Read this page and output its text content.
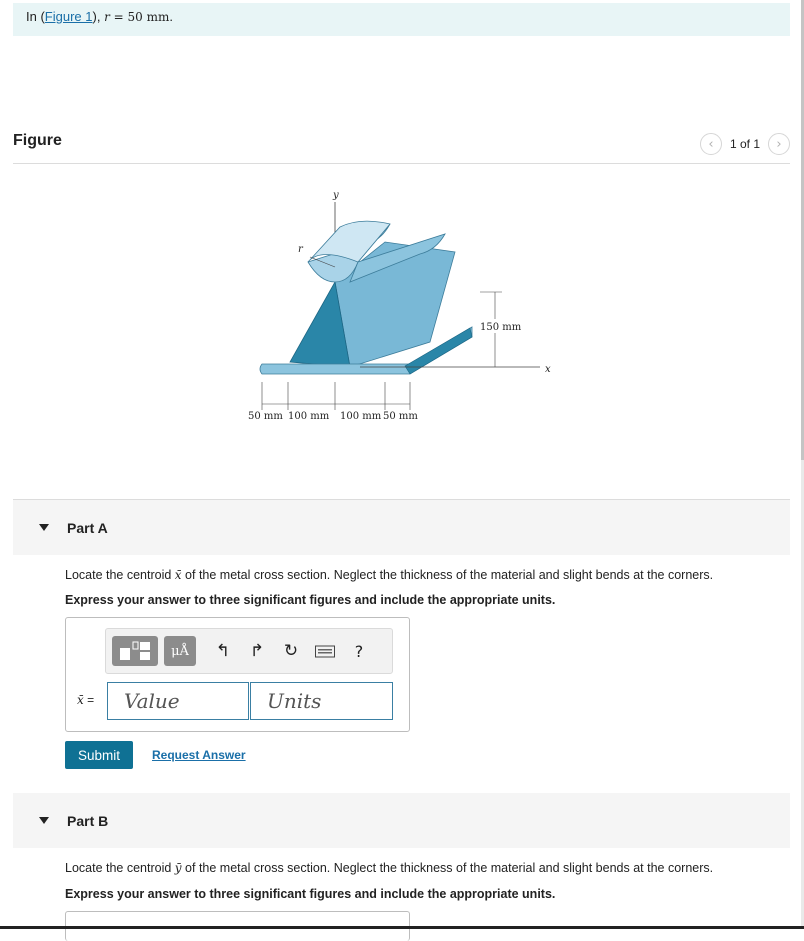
In (Figure 1), r = 50 mm.
Figure	‹	1 of 1	›
y
r
x
150 mm
50 mm 100 mm 100 mm 50 mm
Part A
Locate the centroid x̄ of the metal cross section. Neglect the thickness of the material and slight bends at the corners.
Express your answer to three significant figures and include the appropriate units.
μÅ	↰	↱	↻	?
x̄ =	Value	Units
Submit	Request Answer
Part B
Locate the centroid ȳ of the metal cross section. Neglect the thickness of the material and slight bends at the corners.
Express your answer to three significant figures and include the appropriate units.
